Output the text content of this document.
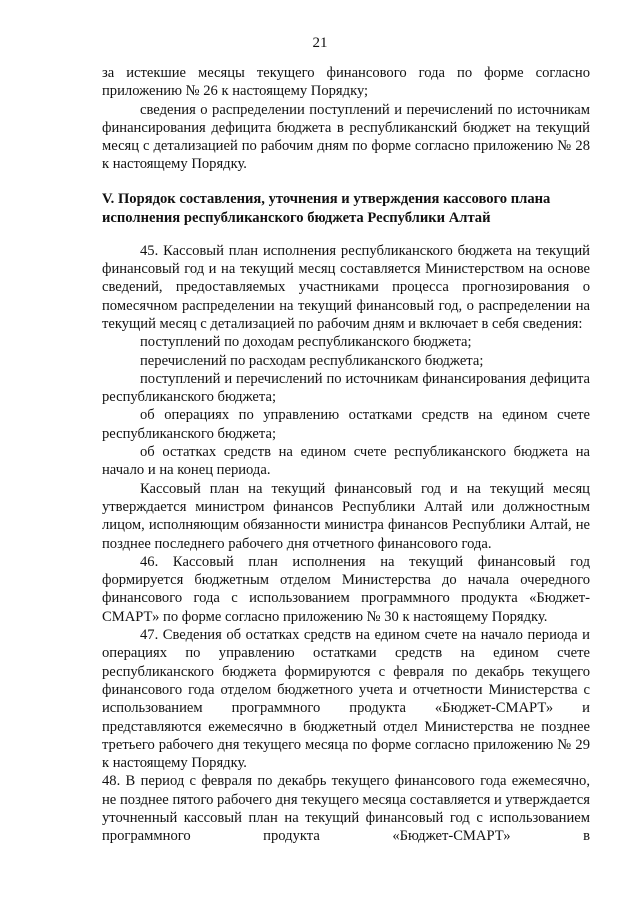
21

за истекшие месяцы текущего финансового года по форме согласно приложению № 26 к настоящему Порядку;

сведения о распределении поступлений и перечислений по источникам финансирования дефицита бюджета в республиканский бюджет на текущий месяц с детализацией по рабочим дням по форме согласно приложению № 28 к настоящему Порядку.

V. Порядок составления, уточнения и утверждения кассового плана
исполнения республиканского бюджета Республики Алтай

45. Кассовый план исполнения республиканского бюджета на текущий финансовый год и на текущий месяц составляется Министерством на основе сведений, предоставляемых участниками процесса прогнозирования о помесячном распределении на текущий финансовый год, о распределении на текущий месяц с детализацией по рабочим дням и включает в себя сведения:

поступлений по доходам республиканского бюджета;

перечислений по расходам республиканского бюджета;

поступлений и перечислений по источникам финансирования дефицита республиканского бюджета;

об операциях по управлению остатками средств на едином счете республиканского бюджета;

об остатках средств на едином счете республиканского бюджета на начало и на конец периода.

Кассовый план на текущий финансовый год и на текущий месяц утверждается министром финансов Республики Алтай или должностным лицом, исполняющим обязанности министра финансов Республики Алтай, не позднее последнего рабочего дня отчетного финансового года.

46. Кассовый план исполнения на текущий финансовый год формируется бюджетным отделом Министерства до начала очередного финансового года с использованием программного продукта «Бюджет-СМАРТ» по форме согласно приложению № 30 к настоящему Порядку.

47. Сведения об остатках средств на едином счете на начало периода и операциях по управлению остатками средств на едином счете республиканского бюджета формируются с февраля по декабрь текущего финансового года отделом бюджетного учета и отчетности Министерства с использованием программного продукта «Бюджет-СМАРТ» и представляются ежемесячно в бюджетный отдел Министерства не позднее третьего рабочего дня текущего месяца по форме согласно приложению № 29 к настоящему Порядку.

48. В период с февраля по декабрь текущего финансового года ежемесячно, не позднее пятого рабочего дня текущего месяца составляется и утверждается уточненный кассовый план на текущий финансовый год с использованием программного продукта «Бюджет-СМАРТ» в
